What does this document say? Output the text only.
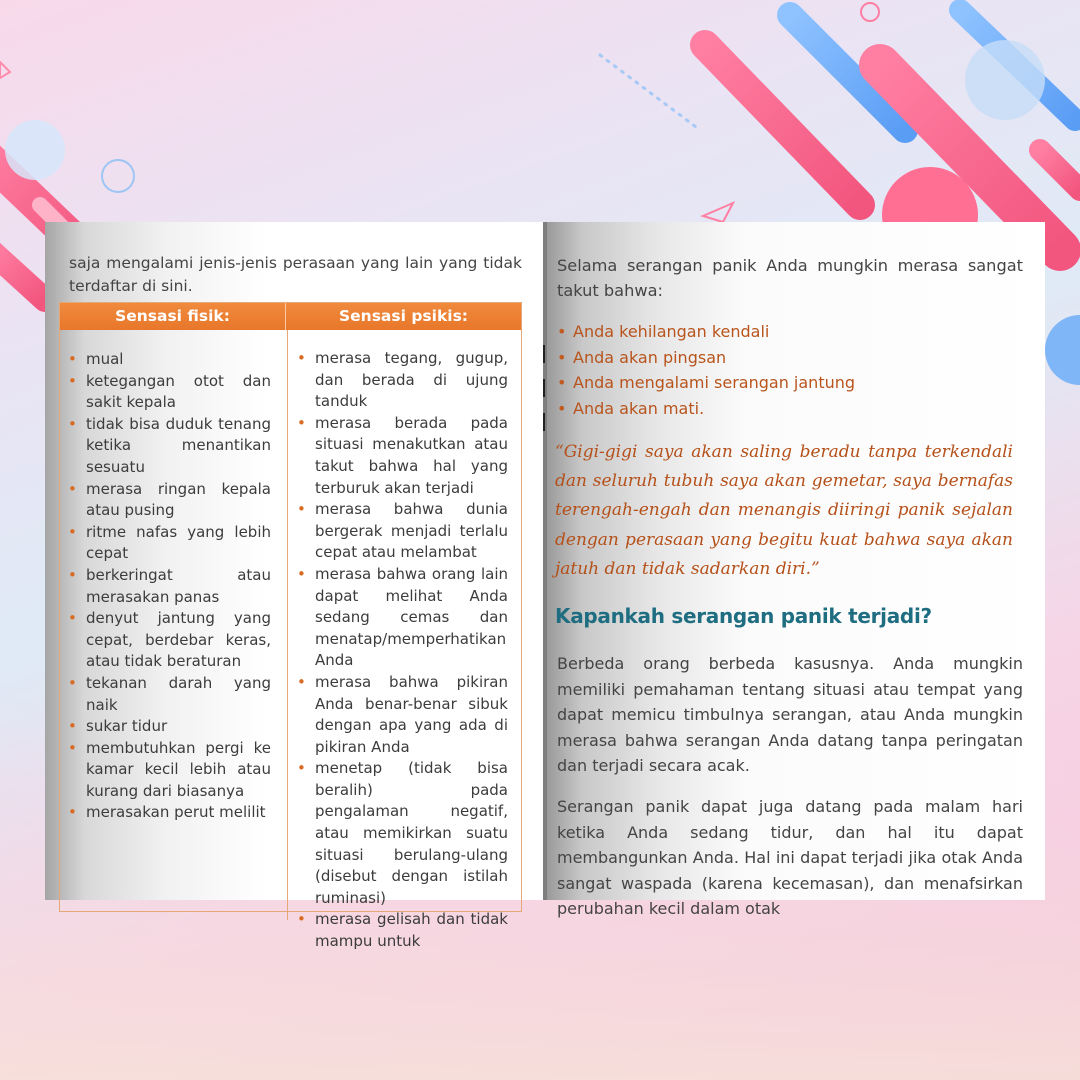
saja mengalami jenis-jenis perasaan yang lain yang tidak terdaftar di sini.

Sensasi fisik:	Sensasi psikis:
• mual
• ketegangan otot dan sakit kepala
• tidak bisa duduk tenang ketika menantikan sesuatu
• merasa ringan kepala atau pusing
• ritme nafas yang lebih cepat
• berkeringat atau merasakan panas
• denyut jantung yang cepat, berdebar keras, atau tidak beraturan
• tekanan darah yang naik
• sukar tidur
• membutuhkan pergi ke kamar kecil lebih atau kurang dari biasanya
• merasakan perut melilit
• merasa tegang, gugup, dan berada di ujung tanduk
• merasa berada pada situasi menakutkan atau takut bahwa hal yang terburuk akan terjadi
• merasa bahwa dunia bergerak menjadi terlalu cepat atau melambat
• merasa bahwa orang lain dapat melihat Anda sedang cemas dan menatap/memperhatikan Anda
• merasa bahwa pikiran Anda benar-benar sibuk dengan apa yang ada di pikiran Anda
• menetap (tidak bisa beralih) pada pengalaman negatif, atau memikirkan suatu situasi berulang-ulang (disebut dengan istilah ruminasi)
• merasa gelisah dan tidak mampu untuk

Selama serangan panik Anda mungkin merasa sangat takut bahwa:

• Anda kehilangan kendali
• Anda akan pingsan
• Anda mengalami serangan jantung
• Anda akan mati.

“Gigi-gigi saya akan saling beradu tanpa terkendali dan seluruh tubuh saya akan gemetar, saya bernafas terengah-engah dan menangis diiringi panik sejalan dengan perasaan yang begitu kuat bahwa saya akan jatuh dan tidak sadarkan diri.”

Kapankah serangan panik terjadi?

Berbeda orang berbeda kasusnya. Anda mungkin memiliki pemahaman tentang situasi atau tempat yang dapat memicu timbulnya serangan, atau Anda mungkin merasa bahwa serangan Anda datang tanpa peringatan dan terjadi secara acak.

Serangan panik dapat juga datang pada malam hari ketika Anda sedang tidur, dan hal itu dapat membangunkan Anda. Hal ini dapat terjadi jika otak Anda sangat waspada (karena kecemasan), dan menafsirkan perubahan kecil dalam otak
